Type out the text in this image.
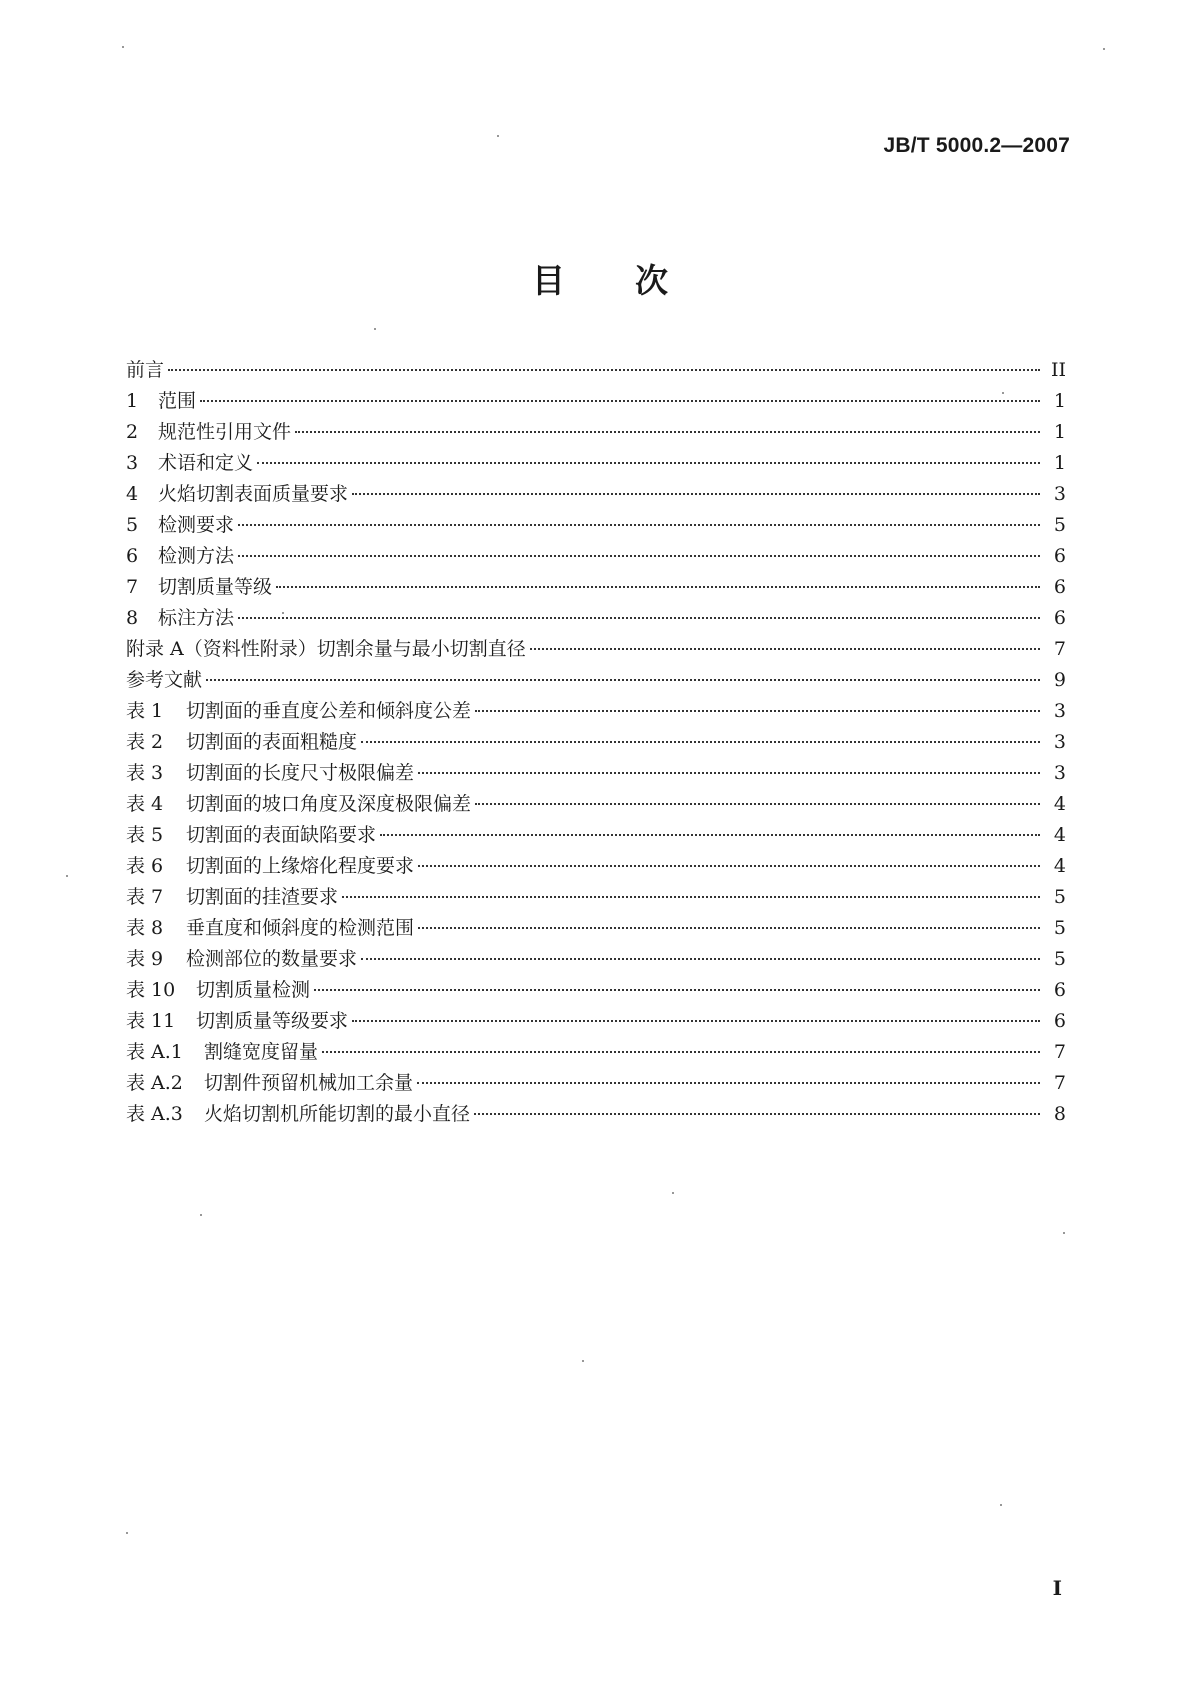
JB/T 5000.2—2007
目 次
前言	II
1	范围	1
2	规范性引用文件	1
3	术语和定义	1
4	火焰切割表面质量要求	3
5	检测要求	5
6	检测方法	6
7	切割质量等级	6
8	标注方法	6
附录 A（资料性附录）切割余量与最小切割直径	7
参考文献	9
表 1	切割面的垂直度公差和倾斜度公差	3
表 2	切割面的表面粗糙度	3
表 3	切割面的长度尺寸极限偏差	3
表 4	切割面的坡口角度及深度极限偏差	4
表 5	切割面的表面缺陷要求	4
表 6	切割面的上缘熔化程度要求	4
表 7	切割面的挂渣要求	5
表 8	垂直度和倾斜度的检测范围	5
表 9	检测部位的数量要求	5
表 10	切割质量检测	6
表 11	切割质量等级要求	6
表 A.1	割缝宽度留量	7
表 A.2	切割件预留机械加工余量	7
表 A.3	火焰切割机所能切割的最小直径	8
I
